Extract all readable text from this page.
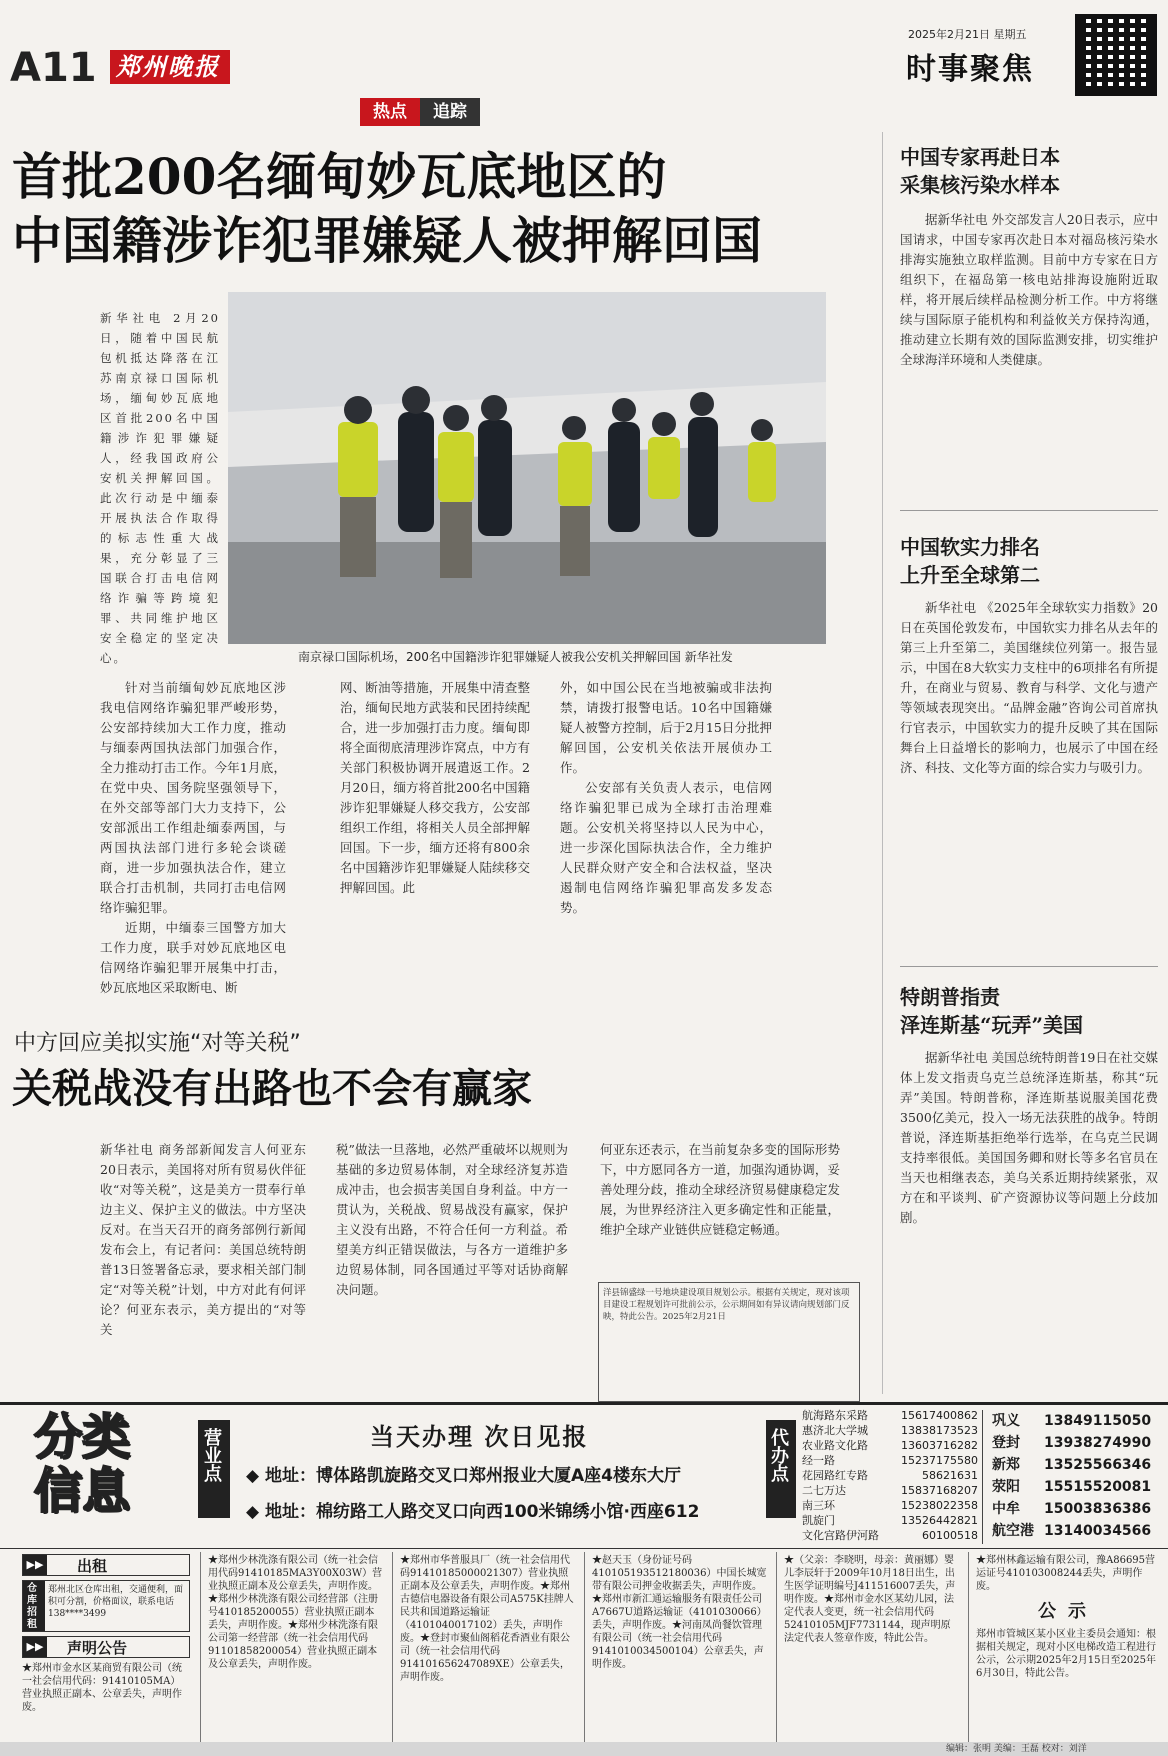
A11 郑州晚报
2025年2月21日 星期五
时事聚焦
热点	追踪
首批200名缅甸妙瓦底地区的
中国籍涉诈犯罪嫌疑人被押解回国
新华社电 2月20日，随着中国民航包机抵达降落在江苏南京禄口国际机场，缅甸妙瓦底地区首批200名中国籍涉诈犯罪嫌疑人，经我国政府公安机关押解回国。此次行动是中缅泰开展执法合作取得的标志性重大战果，充分彰显了三国联合打击电信网络诈骗等跨境犯罪、共同维护地区安全稳定的坚定决心。	南京禄口国际机场，200名中国籍涉诈犯罪嫌疑人被我公安机关押解回国 新华社发
针对当前缅甸妙瓦底地区涉我电信网络诈骗犯罪严峻形势，公安部持续加大工作力度，推动与缅泰两国执法部门加强合作，全力推动打击工作。今年1月底，在党中央、国务院坚强领导下，在外交部等部门大力支持下，公安部派出工作组赴缅泰两国，与两国执法部门进行多轮会谈磋商，进一步加强执法合作，建立联合打击机制，共同打击电信网络诈骗犯罪。
近期，中缅泰三国警方加大工作力度，联手对妙瓦底地区电信网络诈骗犯罪开展集中打击，妙瓦底地区采取断电、断
网、断油等措施，开展集中清查整治，缅甸民地方武装和民团持续配合，进一步加强打击力度。缅甸即将全面彻底清理涉诈窝点，中方有关部门积极协调开展遣返工作。2月20日，缅方将首批200名中国籍涉诈犯罪嫌疑人移交我方，公安部组织工作组，将相关人员全部押解回国。下一步，缅方还将有800余名中国籍涉诈犯罪嫌疑人陆续移交押解回国。此
外，如中国公民在当地被骗或非法拘禁，请拨打报警电话。10名中国籍嫌疑人被警方控制，后于2月15日分批押解回国，公安机关依法开展侦办工作。
公安部有关负责人表示，电信网络诈骗犯罪已成为全球打击治理难题。公安机关将坚持以人民为中心，进一步深化国际执法合作，全力维护人民群众财产安全和合法权益，坚决遏制电信网络诈骗犯罪高发多发态势。
中方回应美拟实施“对等关税”
关税战没有出路也不会有赢家
新华社电 商务部新闻发言人何亚东20日表示，美国将对所有贸易伙伴征收“对等关税”，这是美方一贯奉行单边主义、保护主义的做法。中方坚决反对。在当天召开的商务部例行新闻发布会上，有记者问：美国总统特朗普13日签署备忘录，要求相关部门制定“对等关税”计划，中方对此有何评论？何亚东表示，美方提出的“对等关
税”做法一旦落地，必然严重破坏以规则为基础的多边贸易体制，对全球经济复苏造成冲击，也会损害美国自身利益。中方一贯认为，关税战、贸易战没有赢家，保护主义没有出路，不符合任何一方利益。希望美方纠正错误做法，与各方一道维护多边贸易体制，同各国通过平等对话协商解决问题。
何亚东还表示，在当前复杂多变的国际形势下，中方愿同各方一道，加强沟通协调，妥善处理分歧，推动全球经济贸易健康稳定发展，为世界经济注入更多确定性和正能量，维护全球产业链供应链稳定畅通。
洋县锦盛绿一号地块建设项目规划公示。根据有关规定，现对该项目建设工程规划许可批前公示，公示期间如有异议请向规划部门反映，特此公告。2025年2月21日
中国专家再赴日本
采集核污染水样本
据新华社电 外交部发言人20日表示，应中国请求，中国专家再次赴日本对福岛核污染水排海实施独立取样监测。目前中方专家在日方组织下，在福岛第一核电站排海设施附近取样，将开展后续样品检测分析工作。中方将继续与国际原子能机构和利益攸关方保持沟通，推动建立长期有效的国际监测安排，切实维护全球海洋环境和人类健康。
中国软实力排名
上升至全球第二
新华社电 《2025年全球软实力指数》20日在英国伦敦发布，中国软实力排名从去年的第三上升至第二，美国继续位列第一。报告显示，中国在8大软实力支柱中的6项排名有所提升，在商业与贸易、教育与科学、文化与遗产等领域表现突出。“品牌金融”咨询公司首席执行官表示，中国软实力的提升反映了其在国际舞台上日益增长的影响力，也展示了中国在经济、科技、文化等方面的综合实力与吸引力。
特朗普指责
泽连斯基“玩弄”美国
据新华社电 美国总统特朗普19日在社交媒体上发文指责乌克兰总统泽连斯基，称其“玩弄”美国。特朗普称，泽连斯基说服美国花费3500亿美元，投入一场无法获胜的战争。特朗普说，泽连斯基拒绝举行选举，在乌克兰民调支持率很低。美国国务卿和财长等多名官员在当天也相继表态，美乌关系近期持续紧张，双方在和平谈判、矿产资源协议等问题上分歧加剧。
分类
信息
营业点	当天办理 次日见报
◆ 地址：博体路凯旋路交叉口郑州报业大厦A座4楼东大厅
◆ 地址：棉纺路工人路交叉口向西100米锦绣小馆·西座612
代办点
航海路东采路	15617400862
惠济北大学城	13838173523
农业路文化路	13603716282
经一路	15237175580
花园路红专路	58621631
二七万达	15837168207
南三环	15238022358
凯旋门	13526442821
文化宫路伊河路	60100518
巩义	13849115050
登封	13938274990
新郑	13525566346
荥阳	15515520081
中牟	15003836386
航空港 13140034566
▶▶ 出租
仓库招租
郑州北区仓库出租，交通便利，面积可分割，价格面议，联系电话138****3499
▶▶ 声明公告
★郑州市金水区某商贸有限公司（统一社会信用代码：91410105MA）营业执照正副本、公章丢失，声明作废。
★郑州少林洗涤有限公司（统一社会信用代码91410185MA3Y00X03W）营业执照正副本及公章丢失，声明作废。★郑州少林洗涤有限公司经营部（注册号410185200055）营业执照正副本丢失，声明作废。★郑州少林洗涤有限公司第一经营部（统一社会信用代码91101858200054）营业执照正副本及公章丢失，声明作废。
★郑州市华普服具厂（统一社会信用代码91410185000021307）营业执照正副本及公章丢失，声明作废。★郑州古德信电器设备有限公司A575K挂牌人民共和国道路运输证（4101040017102）丢失，声明作废。★登封市聚仙阁稻花香酒业有限公司（统一社会信用代码914101656247089XE）公章丢失，声明作废。
★赵天玉（身份证号码410105193512180036）中国长城宽带有限公司押金收据丢失，声明作废。★郑州市新汇通运输服务有限责任公司A7667U道路运输证（4101030066）丢失，声明作废。★河南凤尚餐饮管理有限公司（统一社会信用代码9141010034500104）公章丢失，声明作废。
★（父亲：李晓明，母亲：黄丽娜）婴儿李辰轩于2009年10月18日出生，出生医学证明编号J411516007丢失，声明作废。★郑州市金水区某幼儿园，法定代表人变更，统一社会信用代码52410105MJF7731144，现声明原法定代表人签章作废，特此公告。
★郑州林鑫运输有限公司，豫A86695营运证号410103008244丢失，声明作废。
公示
郑州市管城区某小区业主委员会通知：根据相关规定，现对小区电梯改造工程进行公示，公示期2025年2月15日至2025年6月30日，特此公告。
编辑：张明 美编：王磊 校对：刘洋
